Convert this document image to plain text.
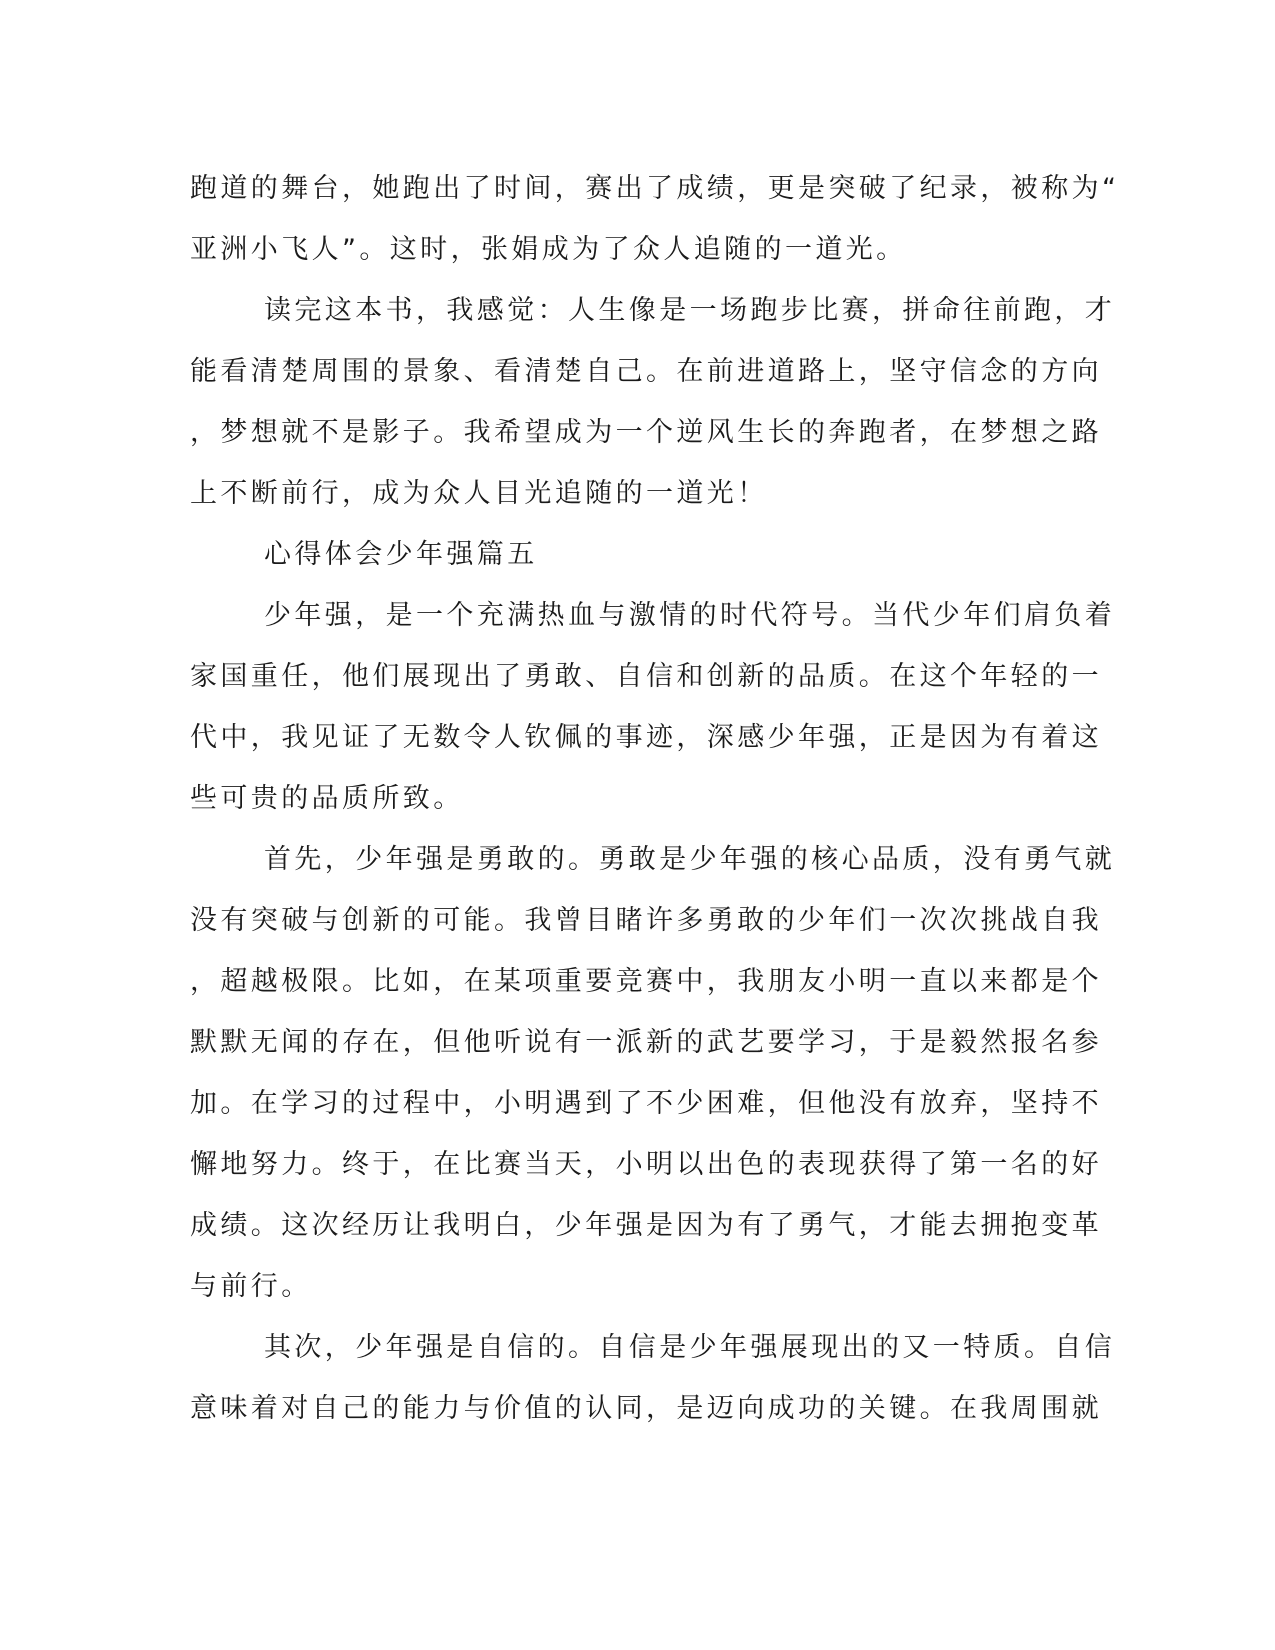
跑道的舞台，她跑出了时间，赛出了成绩，更是突破了纪录，被称为“
亚洲小飞人”。这时，张娟成为了众人追随的一道光。
读完这本书，我感觉：人生像是一场跑步比赛，拼命往前跑，才
能看清楚周围的景象、看清楚自己。在前进道路上，坚守信念的方向
，梦想就不是影子。我希望成为一个逆风生长的奔跑者，在梦想之路
上不断前行，成为众人目光追随的一道光！
心得体会少年强篇五
少年强，是一个充满热血与激情的时代符号。当代少年们肩负着
家国重任，他们展现出了勇敢、自信和创新的品质。在这个年轻的一
代中，我见证了无数令人钦佩的事迹，深感少年强，正是因为有着这
些可贵的品质所致。
首先，少年强是勇敢的。勇敢是少年强的核心品质，没有勇气就
没有突破与创新的可能。我曾目睹许多勇敢的少年们一次次挑战自我
，超越极限。比如，在某项重要竞赛中，我朋友小明一直以来都是个
默默无闻的存在，但他听说有一派新的武艺要学习，于是毅然报名参
加。在学习的过程中，小明遇到了不少困难，但他没有放弃，坚持不
懈地努力。终于，在比赛当天，小明以出色的表现获得了第一名的好
成绩。这次经历让我明白，少年强是因为有了勇气，才能去拥抱变革
与前行。
其次，少年强是自信的。自信是少年强展现出的又一特质。自信
意味着对自己的能力与价值的认同，是迈向成功的关键。在我周围就
